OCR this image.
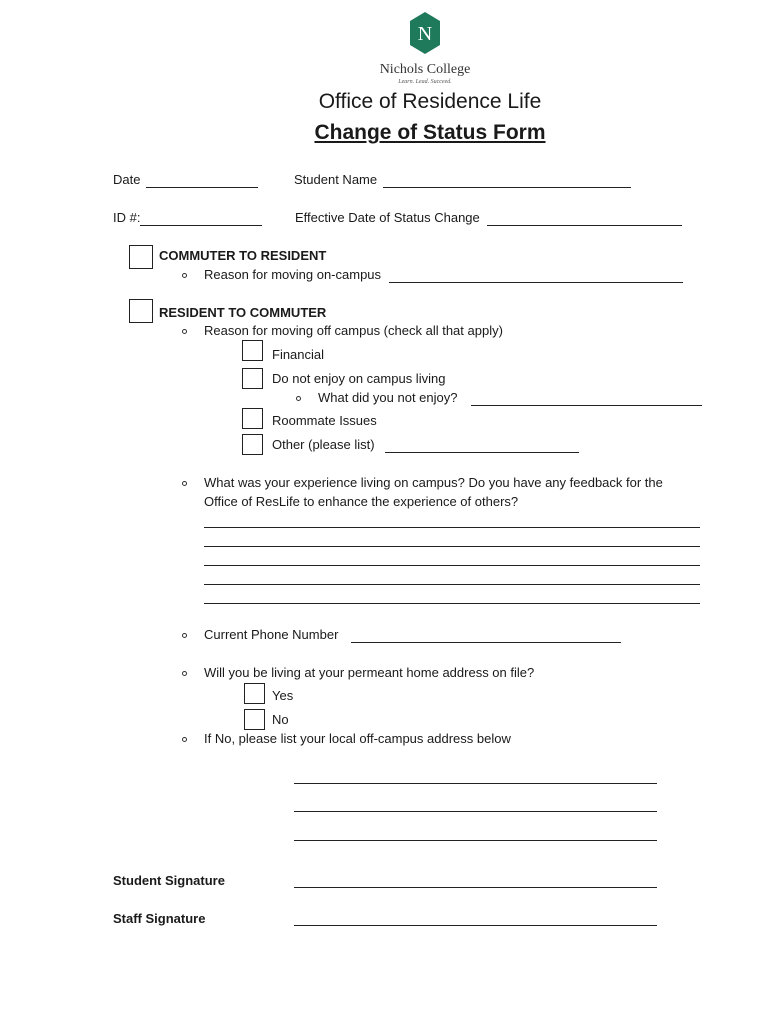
N
Nichols College
Learn. Lead. Succeed.
Office of Residence Life
Change of Status Form
Date	Student Name
ID #:	Effective Date of Status Change
COMMUTER TO RESIDENT
Reason for moving on-campus
RESIDENT TO COMMUTER
Reason for moving off campus (check all that apply)
Financial
Do not enjoy on campus living
What did you not enjoy?
Roommate Issues
Other (please list)
What was your experience living on campus? Do you have any feedback for the
Office of ResLife to enhance the experience of others?
Current Phone Number
Will you be living at your permeant home address on file?
Yes
No
If No, please list your local off-campus address below
Student Signature
Staff Signature
